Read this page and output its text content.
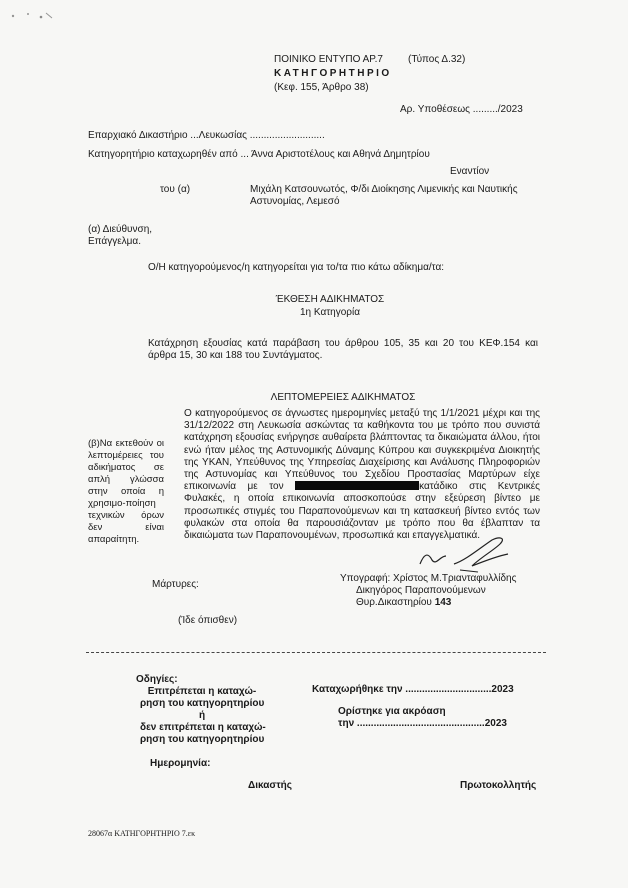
ΠΟΙΝΙΚΟ ΕΝΤΥΠΟ ΑΡ.7	(Τύπος Δ.32)
ΚΑΤΗΓΟΡΗΤΗΡΙΟ
(Κεφ. 155, Άρθρο 38)
Αρ. Υποθέσεως ........./2023
Επαρχιακό Δικαστήριο ...Λευκωσίας ...........................
Κατηγορητήριο καταχωρηθέν από ... Άννα Αριστοτέλους και Αθηνά Δημητρίου
Εναντίον
του (α)	Μιχάλη Κατσουνωτός, Φ/δι Διοίκησης Λιμενικής και Ναυτικής
Αστυνομίας, Λεμεσό
(α) Διεύθυνση,
Επάγγελμα.
Ο/Η κατηγορούμενος/η κατηγορείται για το/τα πιο κάτω αδίκημα/τα:
ΈΚΘΕΣΗ ΑΔΙΚΗΜΑΤΟΣ
1η Κατηγορία
Κατάχρηση εξουσίας κατά παράβαση του άρθρου 105, 35 και 20 του ΚΕΦ.154 και άρθρα 15, 30 και 188 του Συντάγματος.
ΛΕΠΤΟΜΕΡΕΙΕΣ ΑΔΙΚΗΜΑΤΟΣ
Ο κατηγορούμενος σε άγνωστες ημερομηνίες μεταξύ της 1/1/2021 μέχρι και της 31/12/2022 στη Λευκωσία ασκώντας τα καθήκοντα του με τρόπο που συνιστά κατάχρηση εξουσίας ενήργησε αυθαίρετα βλάπτοντας τα δικαιώματα άλλου, ήτοι ενώ ήταν μέλος της Αστυνομικής Δύναμης Κύπρου και συγκεκριμένα Διοικητής της ΥΚΑΝ, Υπεύθυνος της Υπηρεσίας Διαχείρισης και Ανάλυσης Πληροφοριών της Αστυνομίας και Υπεύθυνος του Σχεδίου Προστασίας Μαρτύρων είχε επικοινωνία με τον	κατάδικο στις Κεντρικές Φυλακές, η οποία επικοινωνία αποσκοπούσε στην εξεύρεση βίντεο με προσωπικές στιγμές του Παραπονούμενων και τη κατασκευή βίντεο εντός των φυλακών στα οποία θα παρουσιάζονταν με τρόπο που θα έβλαπταν τα δικαιώματα των Παραπονουμένων, προσωπικά και επαγγελματικά.
(β)Να εκτεθούν οι λεπτομέρειες του αδικήματος σε απλή γλώσσα στην οποία η χρησιμο-ποίηση τεχνικών όρων δεν είναι απαραίτητη.
Μάρτυρες:
Υπογραφή: Χρίστος Μ.Τριανταφυλλίδης
Δικηγόρος Παραπονούμενων
Θυρ.Δικαστηρίου 143
(Ίδε όπισθεν)
Οδηγίες:
Επιτρέπεται η καταχώ-
ρηση του κατηγορητηρίου
ή
δεν επιτρέπεται η καταχώ-
ρηση του κατηγορητηρίου
Ημερομηνία:
Καταχωρήθηκε την ...............................2023
Ορίστηκε για ακρόαση
την ..............................................2023
Δικαστής	Πρωτοκολλητής
28067α ΚΑΤΗΓΟΡΗΤΗΡΙΟ 7.εκ
